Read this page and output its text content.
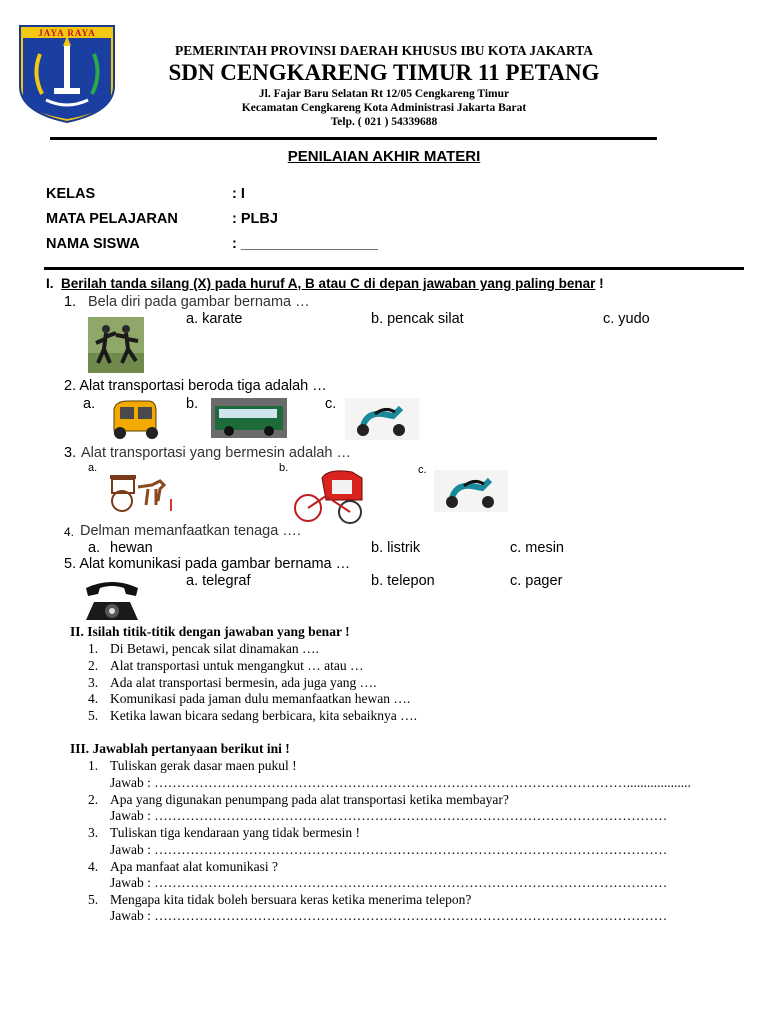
JAYA RAYA
PEMERINTAH PROVINSI DAERAH KHUSUS IBU KOTA JAKARTA
SDN CENGKARENG TIMUR 11 PETANG
Jl. Fajar Baru Selatan Rt 12/05 Cengkareng Timur
Kecamatan Cengkareng Kota Administrasi Jakarta Barat
Telp. ( 021 ) 54339688
PENILAIAN AKHIR MATERI
KELAS	: I
MATA PELAJARAN	: PLBJ
NAMA SISWA	: _________________
I. Berilah tanda silang (X) pada huruf A, B atau C di depan jawaban yang paling benar !
1. Bela diri pada gambar bernama …
a. karate	b. pencak silat	c. yudo
2. Alat transportasi beroda tiga adalah …
a.	b.	c.
3. Alat transportasi yang bermesin adalah …
a.	b.	c.
4. Delman memanfaatkan tenaga ….
a. hewan	b. listrik	c. mesin
5. Alat komunikasi pada gambar bernama …
a. telegraf	b. telepon	c. pager
II. Isilah titik-titik dengan jawaban yang benar !
1. Di Betawi, pencak silat dinamakan ….
2. Alat transportasi untuk mengangkut … atau …
3. Ada alat transportasi bermesin, ada juga yang ….
4. Komunikasi pada jaman dulu memanfaatkan hewan ….
5. Ketika lawan bicara sedang berbicara, kita sebaiknya ….
III. Jawablah pertanyaan berikut ini !
1. Tuliskan gerak dasar maen pukul !
Jawab : ……………………………………………………………………………………………...................
2. Apa yang digunakan penumpang pada alat transportasi ketika membayar?
Jawab : ……………………………………………………………………………………………………
3. Tuliskan tiga kendaraan yang tidak bermesin !
Jawab : ……………………………………………………………………………………………………
4. Apa manfaat alat komunikasi ?
Jawab : ……………………………………………………………………………………………………
5. Mengapa kita tidak boleh bersuara keras ketika menerima telepon?
Jawab : ……………………………………………………………………………………………………
